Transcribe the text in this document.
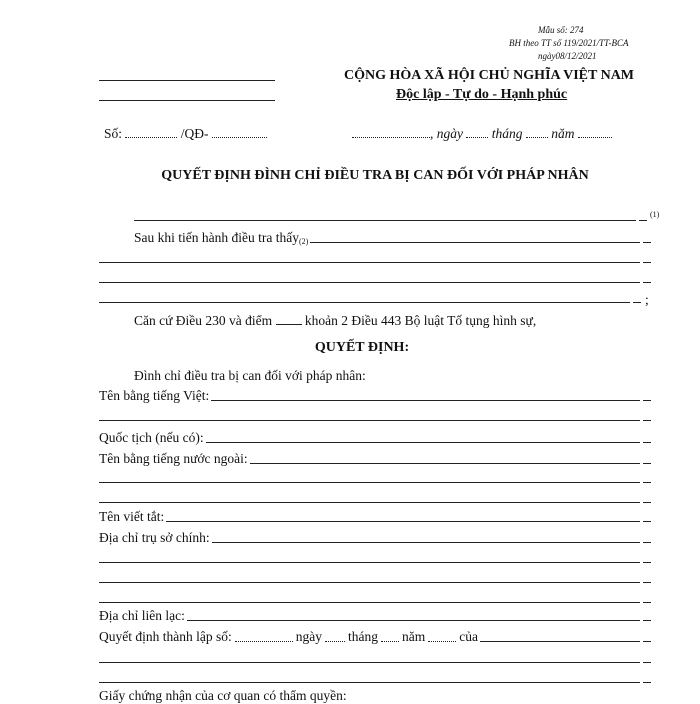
Mẫu số: 274
BH theo TT số 119/2021/TT-BCA
ngày08/12/2021
CỘNG HÒA XÃ HỘI CHỦ NGHĨA VIỆT NAM
Độc lập - Tự do - Hạnh phúc
Số:	/QĐ-	, ngày tháng năm
QUYẾT ĐỊNH ĐÌNH CHỈ ĐIỀU TRA BỊ CAN ĐỐI VỚI PHÁP NHÂN
(1)
Sau khi tiến hành điều tra thấy (2)
;
Căn cứ Điều 230 và điểm khoản 2 Điều 443 Bộ luật Tố tụng hình sự,
QUYẾT ĐỊNH:
Đình chỉ điều tra bị can đối với pháp nhân:
Tên bằng tiếng Việt:
Quốc tịch (nếu có):
Tên bằng tiếng nước ngoài:
Tên viết tắt:
Địa chỉ trụ sở chính:
Địa chỉ liên lạc:
Quyết định thành lập số:	ngày tháng năm	của
Giấy chứng nhận của cơ quan có thẩm quyền:
